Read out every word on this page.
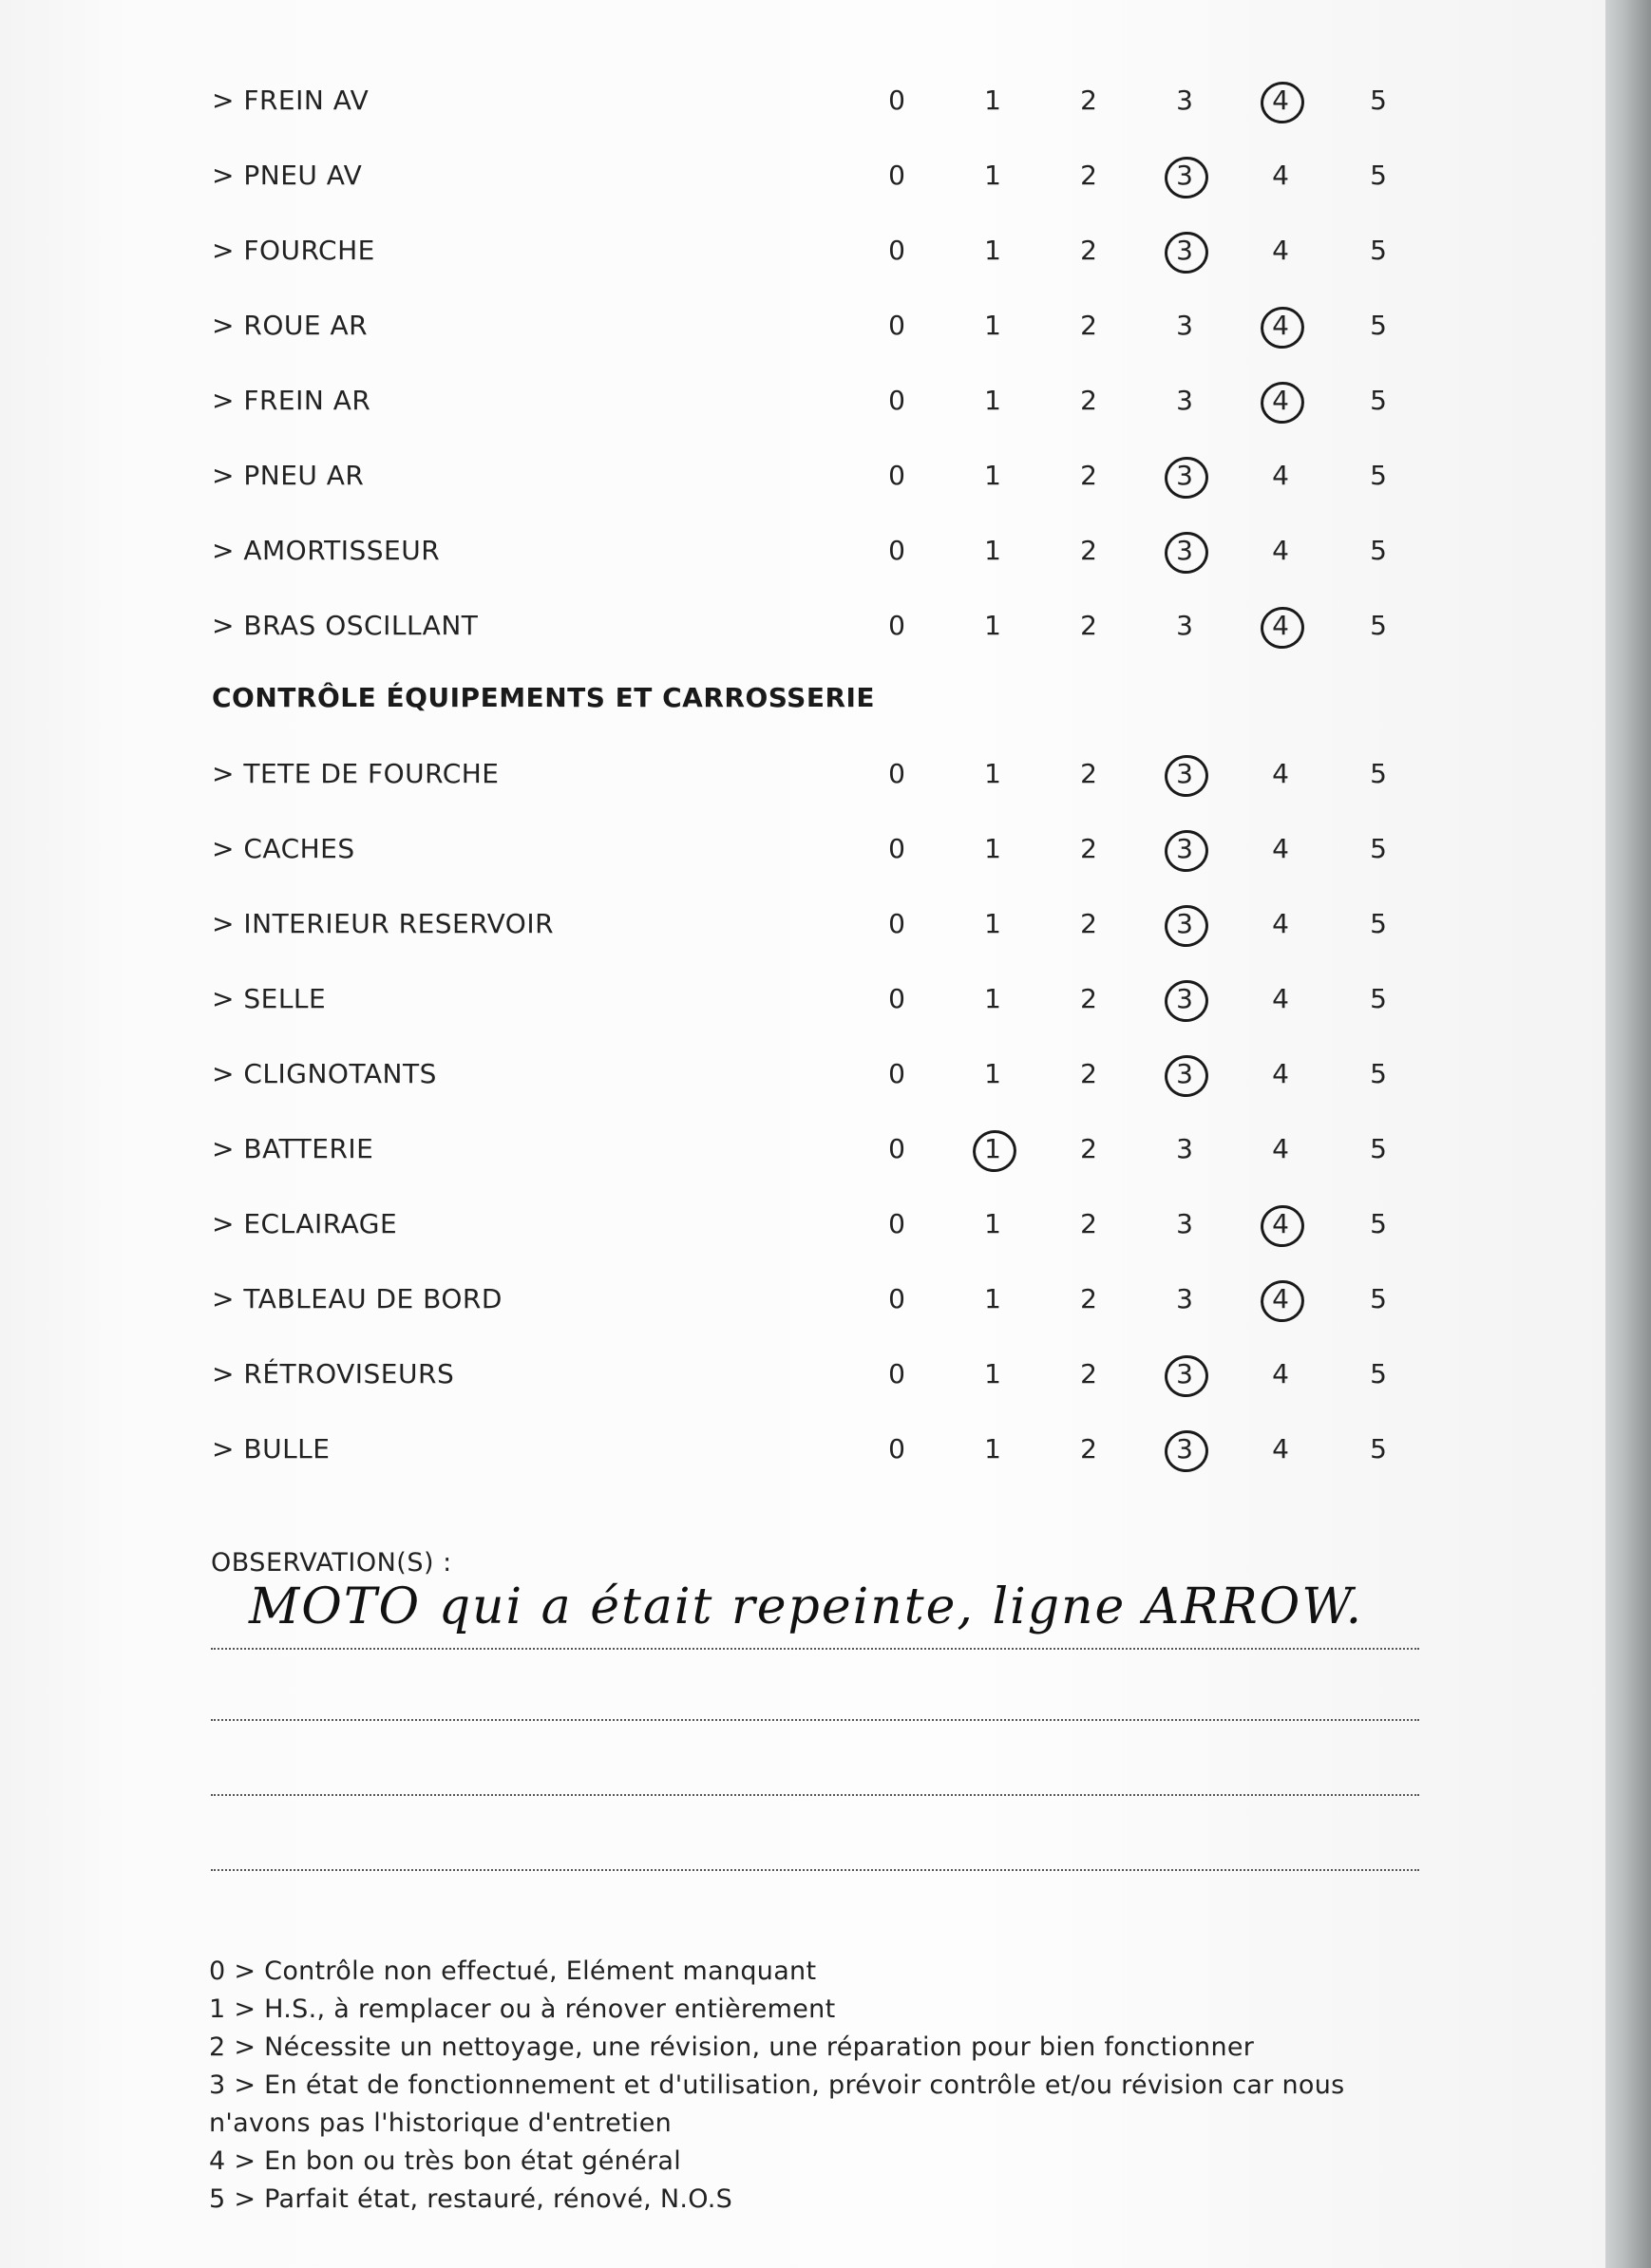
> FREIN AV	0	1	2	3	4	5
> PNEU AV	0	1	2	3	4	5
> FOURCHE	0	1	2	3	4	5
> ROUE AR	0	1	2	3	4	5
> FREIN AR	0	1	2	3	4	5
> PNEU AR	0	1	2	3	4	5
> AMORTISSEUR	0	1	2	3	4	5
> BRAS OSCILLANT	0	1	2	3	4	5
CONTRÔLE ÉQUIPEMENTS ET CARROSSERIE
> TETE DE FOURCHE	0	1	2	3	4	5
> CACHES	0	1	2	3	4	5
> INTERIEUR RESERVOIR	0	1	2	3	4	5
> SELLE	0	1	2	3	4	5
> CLIGNOTANTS	0	1	2	3	4	5
> BATTERIE	0	1	2	3	4	5
> ECLAIRAGE	0	1	2	3	4	5
> TABLEAU DE BORD	0	1	2	3	4	5
> RÉTROVISEURS	0	1	2	3	4	5
> BULLE	0	1	2	3	4	5
OBSERVATION(S) :
MOTO qui a était repeinte, ligne ARROW.
0 > Contrôle non effectué, Elément manquant
1 > H.S., à remplacer ou à rénover entièrement
2 > Nécessite un nettoyage, une révision, une réparation pour bien fonctionner
3 > En état de fonctionnement et d'utilisation, prévoir contrôle et/ou révision car nous
n'avons pas l'historique d'entretien
4 > En bon ou très bon état général
5 > Parfait état, restauré, rénové, N.O.S
